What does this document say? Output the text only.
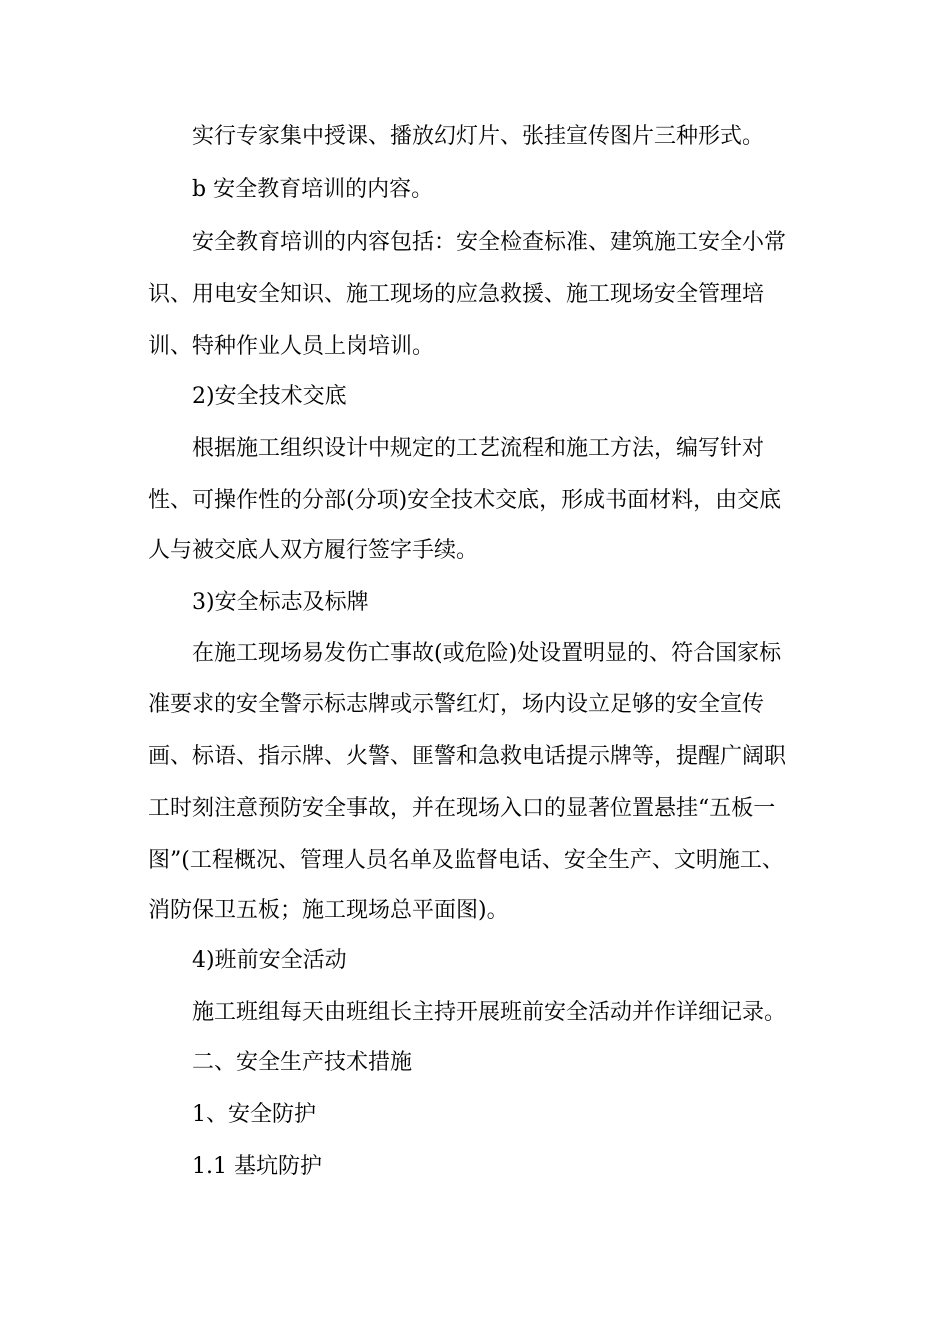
实行专家集中授课、播放幻灯片、张挂宣传图片三种形式。
b 安全教育培训的内容。
安全教育培训的内容包括：安全检查标准、建筑施工安全小常
识、用电安全知识、施工现场的应急救援、施工现场安全管理培
训、特种作业人员上岗培训。
2)安全技术交底
根据施工组织设计中规定的工艺流程和施工方法，编写针对
性、可操作性的分部(分项)安全技术交底，形成书面材料，由交底
人与被交底人双方履行签字手续。
3)安全标志及标牌
在施工现场易发伤亡事故(或危险)处设置明显的、符合国家标
准要求的安全警示标志牌或示警红灯，场内设立足够的安全宣传
画、标语、指示牌、火警、匪警和急救电话提示牌等，提醒广阔职
工时刻注意预防安全事故，并在现场入口的显著位置悬挂“五板一
图”(工程概况、管理人员名单及监督电话、安全生产、文明施工、
消防保卫五板；施工现场总平面图)。
4)班前安全活动
施工班组每天由班组长主持开展班前安全活动并作详细记录。
二、安全生产技术措施
1、安全防护
1.1 基坑防护
